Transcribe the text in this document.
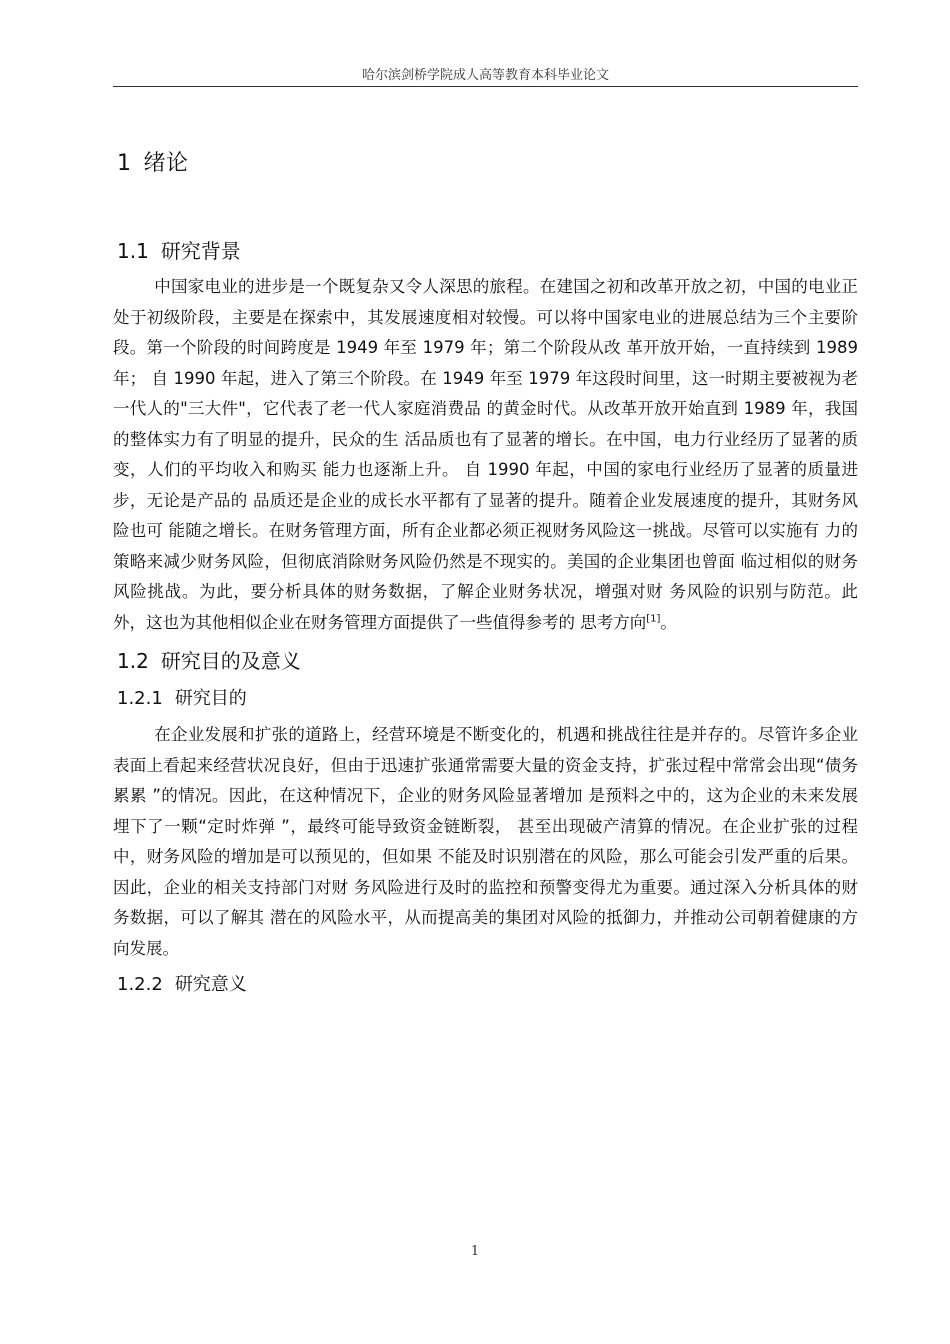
哈尔滨剑桥学院成人高等教育本科毕业论文
1 绪论
1.1 研究背景

中国家电业的进步是一个既复杂又令人深思的旅程。在建国之初和改革开放之初，中国的电业正处于初级阶段，主要是在探索中，其发展速度相对较慢。可以将中国家电业的进展总结为三个主要阶段。第一个阶段的时间跨度是 1949 年至 1979 年；第二个阶段从改 革开放开始，一直持续到 1989 年； 自 1990 年起，进入了第三个阶段。在 1949 年至 1979 年这段时间里，这一时期主要被视为老一代人的"三大件"，它代表了老一代人家庭消费品 的黄金时代。从改革开放开始直到 1989 年，我国的整体实力有了明显的提升，民众的生 活品质也有了显著的增长。在中国，电力行业经历了显著的质变，人们的平均收入和购买 能力也逐渐上升。 自 1990 年起，中国的家电行业经历了显著的质量进步，无论是产品的 品质还是企业的成长水平都有了显著的提升。随着企业发展速度的提升，其财务风险也可 能随之增长。在财务管理方面，所有企业都必须正视财务风险这一挑战。尽管可以实施有 力的策略来减少财务风险，但彻底消除财务风险仍然是不现实的。美国的企业集团也曾面 临过相似的财务风险挑战。为此，要分析具体的财务数据，了解企业财务状况，增强对财 务风险的识别与防范。此外，这也为其他相似企业在财务管理方面提供了一些值得参考的 思考方向[1]。

1.2 研究目的及意义
1.2.1 研究目的

在企业发展和扩张的道路上，经营环境是不断变化的，机遇和挑战往往是并存的。尽管许多企业表面上看起来经营状况良好，但由于迅速扩张通常需要大量的资金支持，扩张过程中常常会出现“债务累累 ”的情况。因此，在这种情况下，企业的财务风险显著增加 是预料之中的，这为企业的未来发展埋下了一颗“定时炸弹 ”，最终可能导致资金链断裂， 甚至出现破产清算的情况。在企业扩张的过程中，财务风险的增加是可以预见的，但如果 不能及时识别潜在的风险，那么可能会引发严重的后果。因此，企业的相关支持部门对财 务风险进行及时的监控和预警变得尤为重要。通过深入分析具体的财务数据，可以了解其 潜在的风险水平，从而提高美的集团对风险的抵御力，并推动公司朝着健康的方向发展。

1.2.2 研究意义
1
